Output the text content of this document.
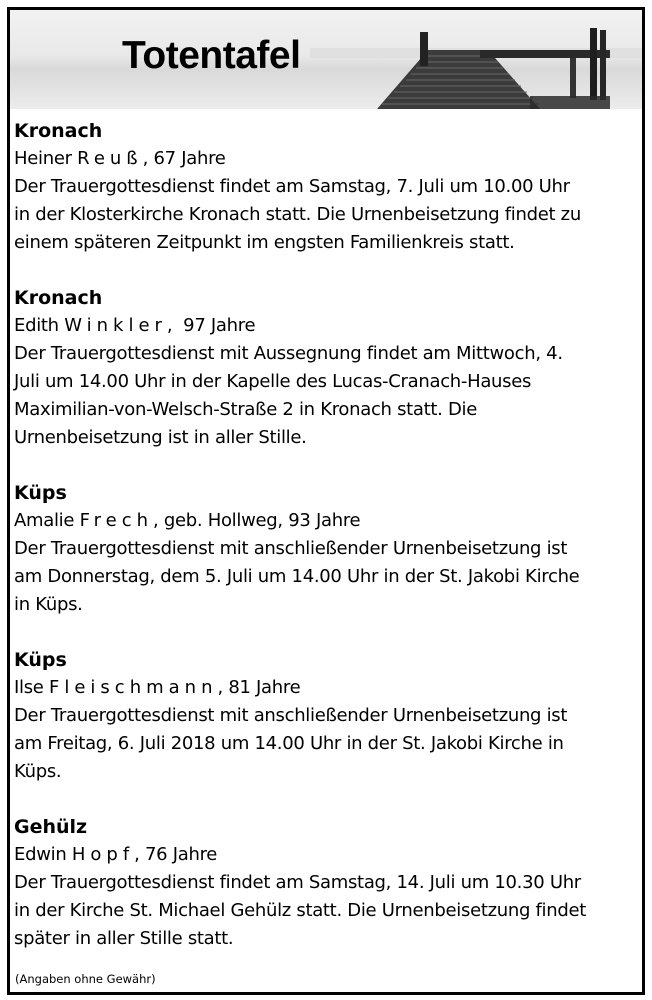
Totentafel
Kronach
Heiner Reuß, 67 Jahre
Der Trauergottesdienst findet am Samstag, 7. Juli um 10.00 Uhr
in der Klosterkirche Kronach statt. Die Urnenbeisetzung findet zu
einem späteren Zeitpunkt im engsten Familienkreis statt.
Kronach
Edith Winkler,  97 Jahre
Der Trauergottesdienst mit Aussegnung findet am Mittwoch, 4.
Juli um 14.00 Uhr in der Kapelle des Lucas-Cranach-Hauses
Maximilian-von-Welsch-Straße 2 in Kronach statt. Die
Urnenbeisetzung ist in aller Stille.
Küps
Amalie Frech, geb. Hollweg, 93 Jahre
Der Trauergottesdienst mit anschließender Urnenbeisetzung ist
am Donnerstag, dem 5. Juli um 14.00 Uhr in der St. Jakobi Kirche
in Küps.
Küps
Ilse Fleischmann, 81 Jahre
Der Trauergottesdienst mit anschließender Urnenbeisetzung ist
am Freitag, 6. Juli 2018 um 14.00 Uhr in der St. Jakobi Kirche in
Küps.
Gehülz
Edwin Hopf, 76 Jahre
Der Trauergottesdienst findet am Samstag, 14. Juli um 10.30 Uhr
in der Kirche St. Michael Gehülz statt. Die Urnenbeisetzung findet
später in aller Stille statt.
(Angaben ohne Gewähr)
